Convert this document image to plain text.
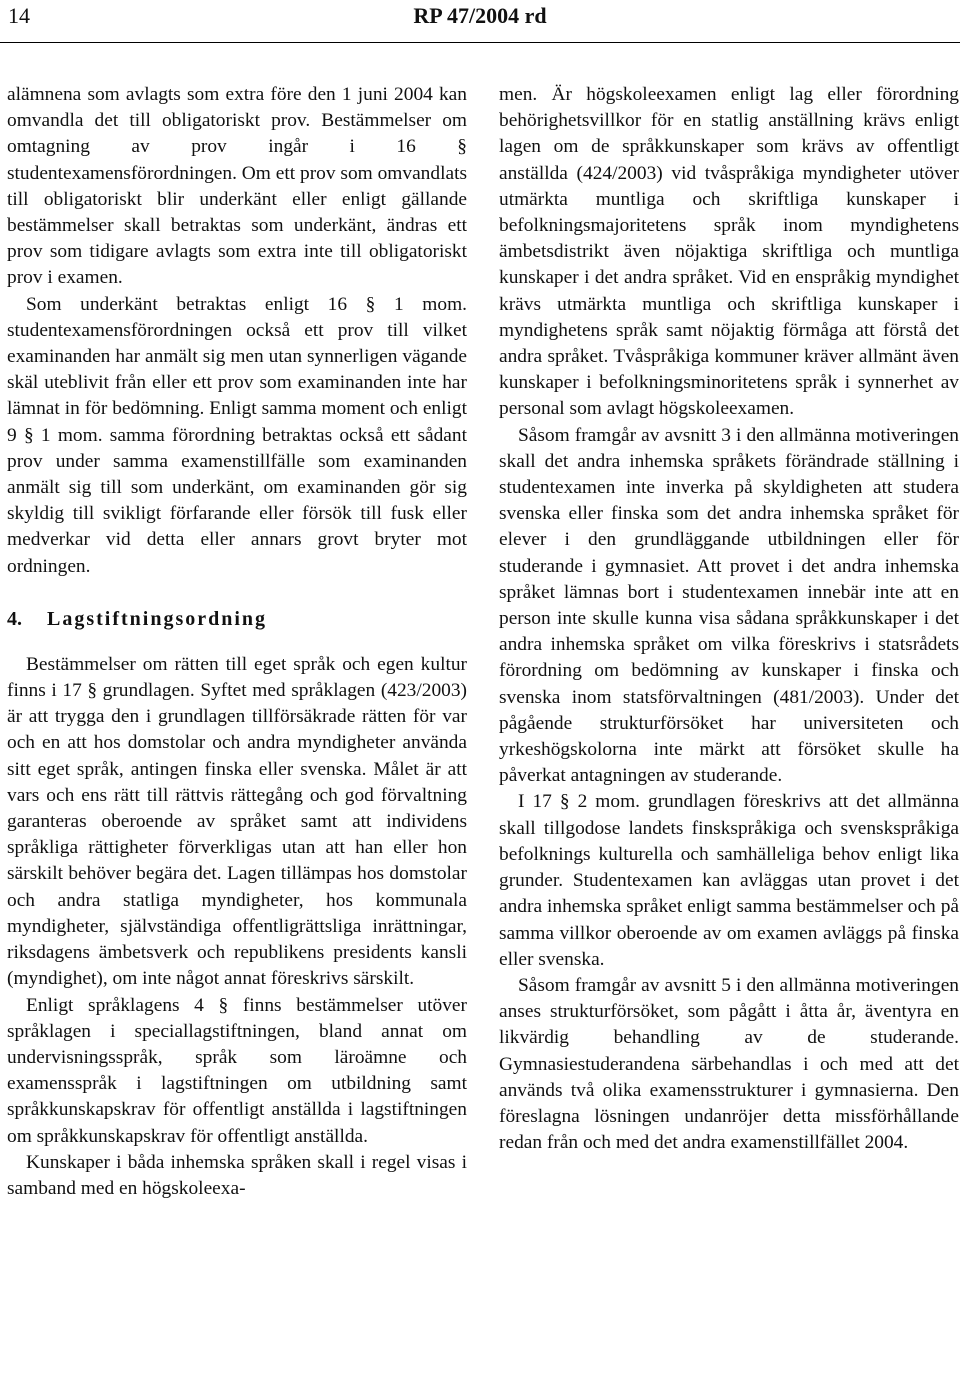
14	RP 47/2004 rd

alämnena som avlagts som extra före den 1 juni 2004 kan omvandla det till obligatoriskt prov. Bestämmelser om omtagning av prov ingår i 16 § studentexamensförordningen. Om ett prov som omvandlats till obligatoriskt blir underkänt eller enligt gällande bestämmelser skall betraktas som underkänt, ändras ett prov som tidigare avlagts som extra inte till obligatoriskt prov i examen.

Som underkänt betraktas enligt 16 § 1 mom. studentexamensförordningen också ett prov till vilket examinanden har anmält sig men utan synnerligen vägande skäl uteblivit från eller ett prov som examinanden inte har lämnat in för bedömning. Enligt samma moment och enligt 9 § 1 mom. samma förordning betraktas också ett sådant prov under samma examenstillfälle som examinanden anmält sig till som underkänt, om examinanden gör sig skyldig till svikligt förfarande eller försök till fusk eller medverkar vid detta eller annars grovt bryter mot ordningen.

4. Lagstiftningsordning

Bestämmelser om rätten till eget språk och egen kultur finns i 17 § grundlagen. Syftet med språklagen (423/2003) är att trygga den i grundlagen tillförsäkrade rätten för var och en att hos domstolar och andra myndigheter använda sitt eget språk, antingen finska eller svenska. Målet är att vars och ens rätt till rättvis rättegång och god förvaltning garanteras oberoende av språket samt att individens språkliga rättigheter förverkligas utan att han eller hon särskilt behöver begära det. Lagen tillämpas hos domstolar och andra statliga myndigheter, hos kommunala myndigheter, självständiga offentligrättsliga inrättningar, riksdagens ämbetsverk och republikens presidents kansli (myndighet), om inte något annat föreskrivs särskilt.

Enligt språklagens 4 § finns bestämmelser utöver språklagen i speciallagstiftningen, bland annat om undervisningsspråk, språk som läroämne och examensspråk i lagstiftningen om utbildning samt språkkunskapskrav för offentligt anställda i lagstiftningen om språkkunskapskrav för offentligt anställda.

Kunskaper i båda inhemska språken skall i regel visas i samband med en högskoleexa-

men. Är högskoleexamen enligt lag eller förordning behörighetsvillkor för en statlig anställning krävs enligt lagen om de språkkunskaper som krävs av offentligt anställda (424/2003) vid tvåspråkiga myndigheter utöver utmärkta muntliga och skriftliga kunskaper i befolkningsmajoritetens språk inom myndighetens ämbetsdistrikt även nöjaktiga skriftliga och muntliga kunskaper i det andra språket. Vid en enspråkig myndighet krävs utmärkta muntliga och skriftliga kunskaper i myndighetens språk samt nöjaktig förmåga att förstå det andra språket. Tvåspråkiga kommuner kräver allmänt även kunskaper i befolkningsminoritetens språk i synnerhet av personal som avlagt högskoleexamen.

Såsom framgår av avsnitt 3 i den allmänna motiveringen skall det andra inhemska språkets förändrade ställning i studentexamen inte inverka på skyldigheten att studera svenska eller finska som det andra inhemska språket för elever i den grundläggande utbildningen eller för studerande i gymnasiet. Att provet i det andra inhemska språket lämnas bort i studentexamen innebär inte att en person inte skulle kunna visa sådana språkkunskaper i det andra inhemska språket om vilka föreskrivs i statsrådets förordning om bedömning av kunskaper i finska och svenska inom statsförvaltningen (481/2003). Under det pågående strukturförsöket har universiteten och yrkeshögskolorna inte märkt att försöket skulle ha påverkat antagningen av studerande.

I 17 § 2 mom. grundlagen föreskrivs att det allmänna skall tillgodose landets finskspråkiga och svenskspråkiga befolknings kulturella och samhälleliga behov enligt lika grunder. Studentexamen kan avläggas utan provet i det andra inhemska språket enligt samma bestämmelser och på samma villkor oberoende av om examen avläggs på finska eller svenska.

Såsom framgår av avsnitt 5 i den allmänna motiveringen anses strukturförsöket, som pågått i åtta år, äventyra en likvärdig behandling av de studerande. Gymnasiestuderandena särbehandlas i och med att det används två olika examensstrukturer i gymnasierna. Den föreslagna lösningen undanröjer detta missförhållande redan från och med det andra examenstillfället 2004.
